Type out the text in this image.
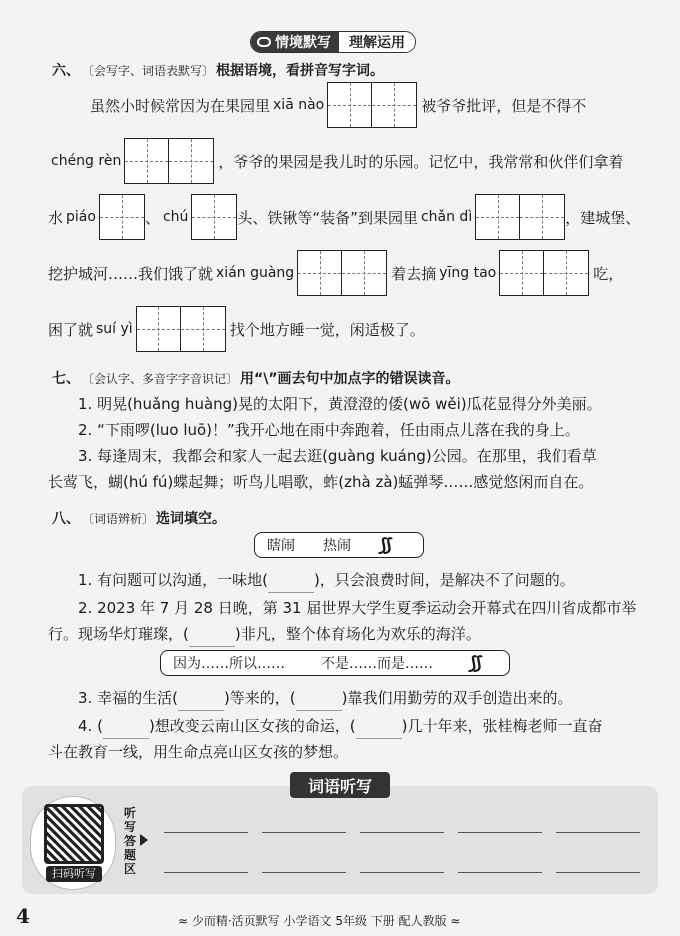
情境默写	理解运用
六、 〔会写字、词语表默写〕 根据语境，看拼音写字词。
虽然小时候常因为在果园里 xiā nào	被爷爷批评，但是不得不
chéng rèn	，爷爷的果园是我儿时的乐园。记忆中，我常常和伙伴们拿着
水 piáo	、 chú	头、铁锹等“装备”到果园里 chǎn dì	，建城堡、
挖护城河……我们饿了就 xián guàng	着去摘 yīng tao	吃，
困了就 suí yì	找个地方睡一觉，闲适极了。
七、 〔会认字、多音字字音识记〕 用“\”画去句中加点字的错误读音。
1. 明晃(huǎng huàng)晃的太阳下，黄澄澄的倭(wō wěi)瓜花显得分外美丽。
2. “下雨啰(luo luō)！”我开心地在雨中奔跑着，任由雨点儿落在我的身上。
3. 每逢周末，我都会和家人一起去逛(guàng kuáng)公园。在那里，我们看草
长莺飞，蝴(hú fú)蝶起舞；听鸟儿唱歌，蚱(zhà zà)蜢弹琴……感觉悠闲而自在。
八、 〔词语辨析〕 选词填空。
瞎闹 热闹 ⟆⟆
1. 有问题可以沟通，一味地(	)，只会浪费时间，是解决不了问题的。
2. 2023 年 7 月 28 日晚，第 31 届世界大学生夏季运动会开幕式在四川省成都市举
行。现场华灯璀璨，(	)非凡，整个体育场化为欢乐的海洋。
因为……所以……	不是……而是…… ⟆⟆
3. 幸福的生活(	)等来的，(	)靠我们用勤劳的双手创造出来的。
4. (	)想改变云南山区女孩的命运，(	)几十年来，张桂梅老师一直奋
斗在教育一线，用生命点亮山区女孩的梦想。
词语听写
扫码听写
听写答题区
4	≈ 少而精·活页默写 小学语文 5年级 下册 配人教版 ≈
